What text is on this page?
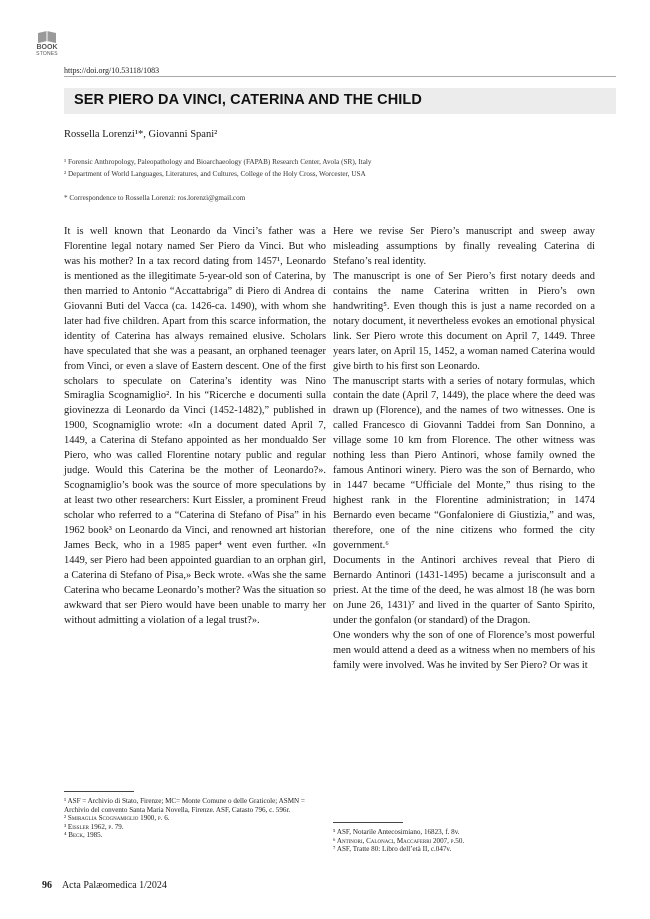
BOOK
STONES
https://doi.org/10.53118/1083
SER PIERO DA VINCI, CATERINA AND THE CHILD
Rossella Lorenzi¹*, Giovanni Spani²
¹ Forensic Anthropology, Paleopathology and Bioarchaeology (FAPAB) Research Center, Avola (SR), Italy
² Department of World Languages, Literatures, and Cultures, College of the Holy Cross, Worcester, USA
* Correspondence to Rossella Lorenzi: ros.lorenzi@gmail.com

It is well known that Leonardo da Vinci’s father was a Florentine legal notary named Ser Piero da Vinci. But who was his mother? In a tax record dating from 1457¹, Leonardo is mentioned as the illegitimate 5-year-old son of Caterina, by then married to Antonio “Accattabriga” di Piero di Andrea di Giovanni Buti del Vacca (ca. 1426-ca. 1490), with whom she later had five children. Apart from this scarce information, the identity of Caterina has always remained elusive. Scholars have speculated that she was a peasant, an orphaned teenager from Vinci, or even a slave of Eastern descent. One of the first scholars to speculate on Caterina’s identity was Nino Smiraglia Scognamiglio². In his “Ricerche e documenti sulla giovinezza di Leonardo da Vinci (1452-1482),” published in 1900, Scognamiglio wrote: «In a document dated April 7, 1449, a Caterina di Stefano appointed as her mondualdo Ser Piero, who was called Florentine notary public and regular judge. Would this Caterina be the mother of Leonardo?». Scognamiglio’s book was the source of more speculations by at least two other researchers: Kurt Eissler, a prominent Freud scholar who referred to a “Caterina di Stefano of Pisa” in his 1962 book³ on Leonardo da Vinci, and renowned art historian James Beck, who in a 1985 paper⁴ went even further. «In 1449, ser Piero had been appointed guardian to an orphan girl, a Caterina di Stefano of Pisa,» Beck wrote. «Was she the same Caterina who became Leonardo’s mother? Was the situation so awkward that ser Piero would have been unable to marry her without admitting a violation of a legal trust?».

Here we revise Ser Piero’s manuscript and sweep away misleading assumptions by finally revealing Caterina di Stefano’s real identity.

The manuscript is one of Ser Piero’s first notary deeds and contains the name Caterina written in Piero’s own handwriting⁵. Even though this is just a name recorded on a notary document, it nevertheless evokes an emotional physical link. Ser Piero wrote this document on April 7, 1449. Three years later, on April 15, 1452, a woman named Caterina would give birth to his first son Leonardo.

The manuscript starts with a series of notary formulas, which contain the date (April 7, 1449), the place where the deed was drawn up (Florence), and the names of two witnesses. One is called Francesco di Giovanni Taddei from San Donnino, a village some 10 km from Florence. The other witness was nothing less than Piero Antinori, whose family owned the famous Antinori winery. Piero was the son of Bernardo, who in 1447 became “Ufficiale del Monte,” thus rising to the highest rank in the Florentine administration; in 1474 Bernardo even became “Gonfaloniere di Giustizia,” and was, therefore, one of the nine citizens who formed the city government.⁶

Documents in the Antinori archives reveal that Piero di Bernardo Antinori (1431-1495) became a jurisconsult and a priest. At the time of the deed, he was almost 18 (he was born on June 26, 1431)⁷ and lived in the quarter of Santo Spirito, under the gonfalon (or standard) of the Dragon.

One wonders why the son of one of Florence’s most powerful men would attend a deed as a witness when no members of his family were involved. Was he invited by Ser Piero? Or was it

¹ ASF = Archivio di Stato, Firenze; MC= Monte Comune o delle Graticole; ASMN = Archivio del convento Santa Maria Novella, Firenze. ASF, Catasto 796, c. 596r.

² Smiraglia Scognamiglio 1900, p. 6.

³ Eissler 1962, p. 79.

⁴ Beck, 1985.	⁵ ASF, Notarile Antecosimiano, 16823, f. 8v.

⁶ Antinori, Calonaci, Maccaferri 2007, p.50.

⁷ ASF, Tratte 80: Libro dell’età II, c.047v.

96 Acta Palæomedica 1/2024
